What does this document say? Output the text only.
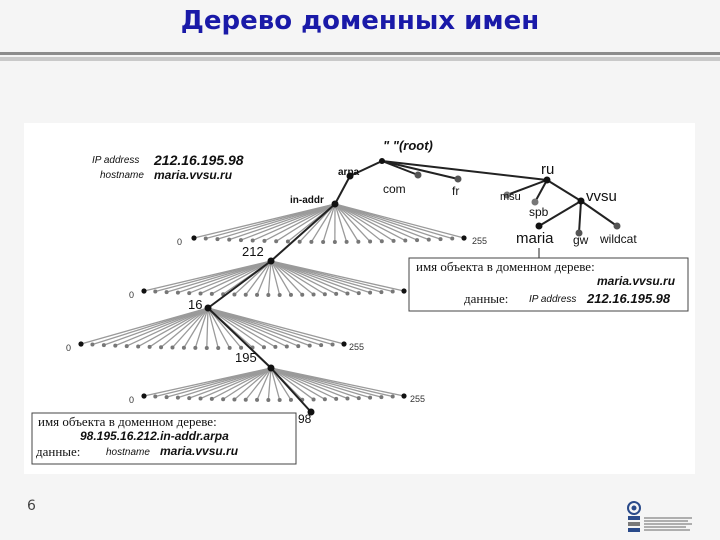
Дерево доменных имен
IP address 212.16.195.98
hostname maria.vvsu.ru
" "(root)
arpa
com	fr
ru
msu
spb
vvsu
maria gw wildcat
in-addr
212
16
195
98
0	255
0
0	255
0	255
имя объекта в доменном дереве:
maria.vvsu.ru
данные: IP address 212.16.195.98
имя объекта в доменном дереве:
98.195.16.212.in-addr.arpa
данные:	hostname maria.vvsu.ru
6
